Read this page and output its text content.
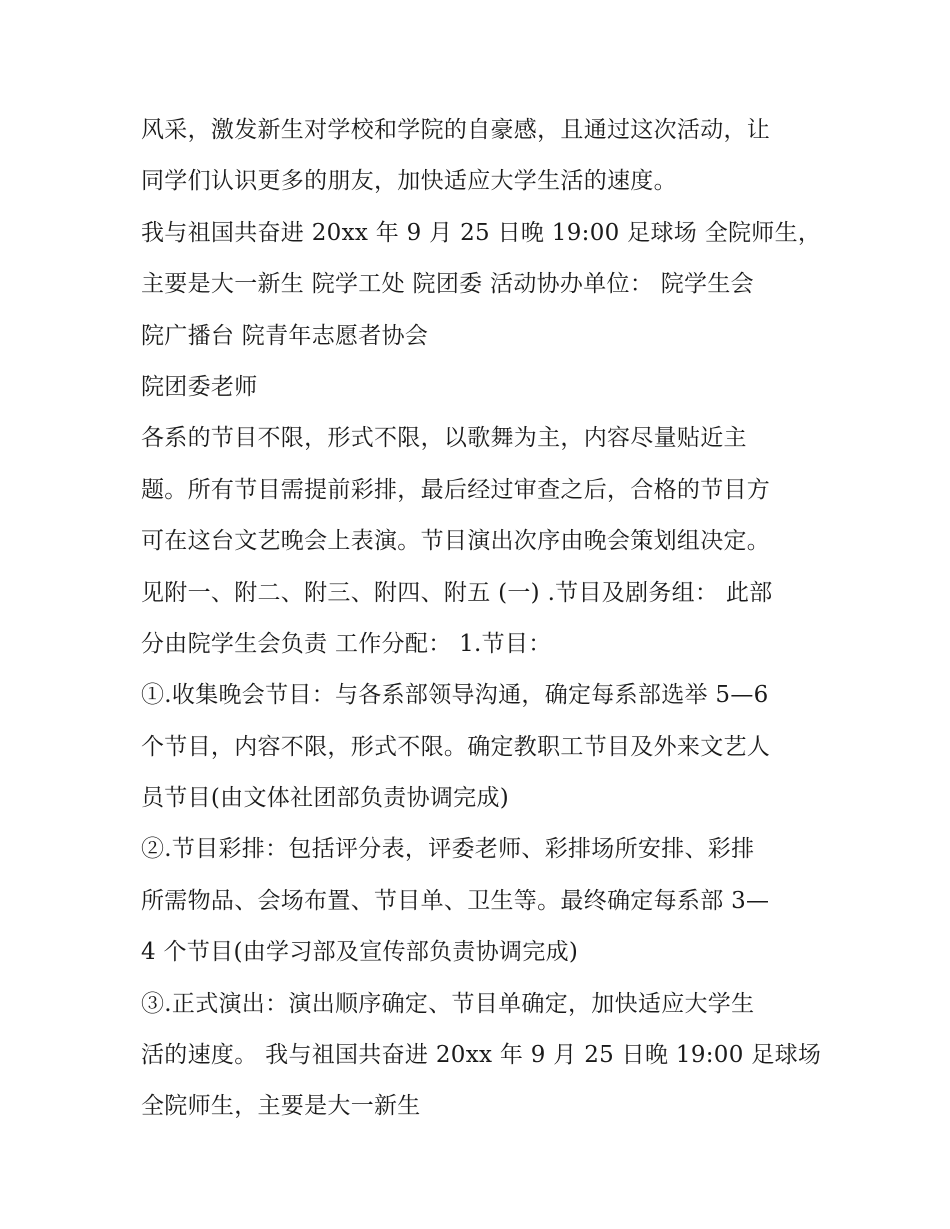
风采，激发新生对学校和学院的自豪感，且通过这次活动，让
同学们认识更多的朋友，加快适应大学生活的速度。
我与祖国共奋进 20xx 年 9 月 25 日晚 19:00 足球场 全院师生，
主要是大一新生 院学工处 院团委 活动协办单位： 院学生会
院广播台 院青年志愿者协会
院团委老师
各系的节目不限，形式不限，以歌舞为主，内容尽量贴近主
题。所有节目需提前彩排，最后经过审查之后，合格的节目方
可在这台文艺晚会上表演。节目演出次序由晚会策划组决定。
见附一、附二、附三、附四、附五 (一) .节目及剧务组： 此部
分由院学生会负责 工作分配： 1.节目：
①.收集晚会节目：与各系部领导沟通，确定每系部选举 5—6
个节目，内容不限，形式不限。确定教职工节目及外来文艺人
员节目(由文体社团部负责协调完成)
②.节目彩排：包括评分表，评委老师、彩排场所安排、彩排
所需物品、会场布置、节目单、卫生等。最终确定每系部 3—
4 个节目(由学习部及宣传部负责协调完成)
③.正式演出：演出顺序确定、节目单确定，加快适应大学生
活的速度。 我与祖国共奋进 20xx 年 9 月 25 日晚 19:00 足球场
全院师生，主要是大一新生
